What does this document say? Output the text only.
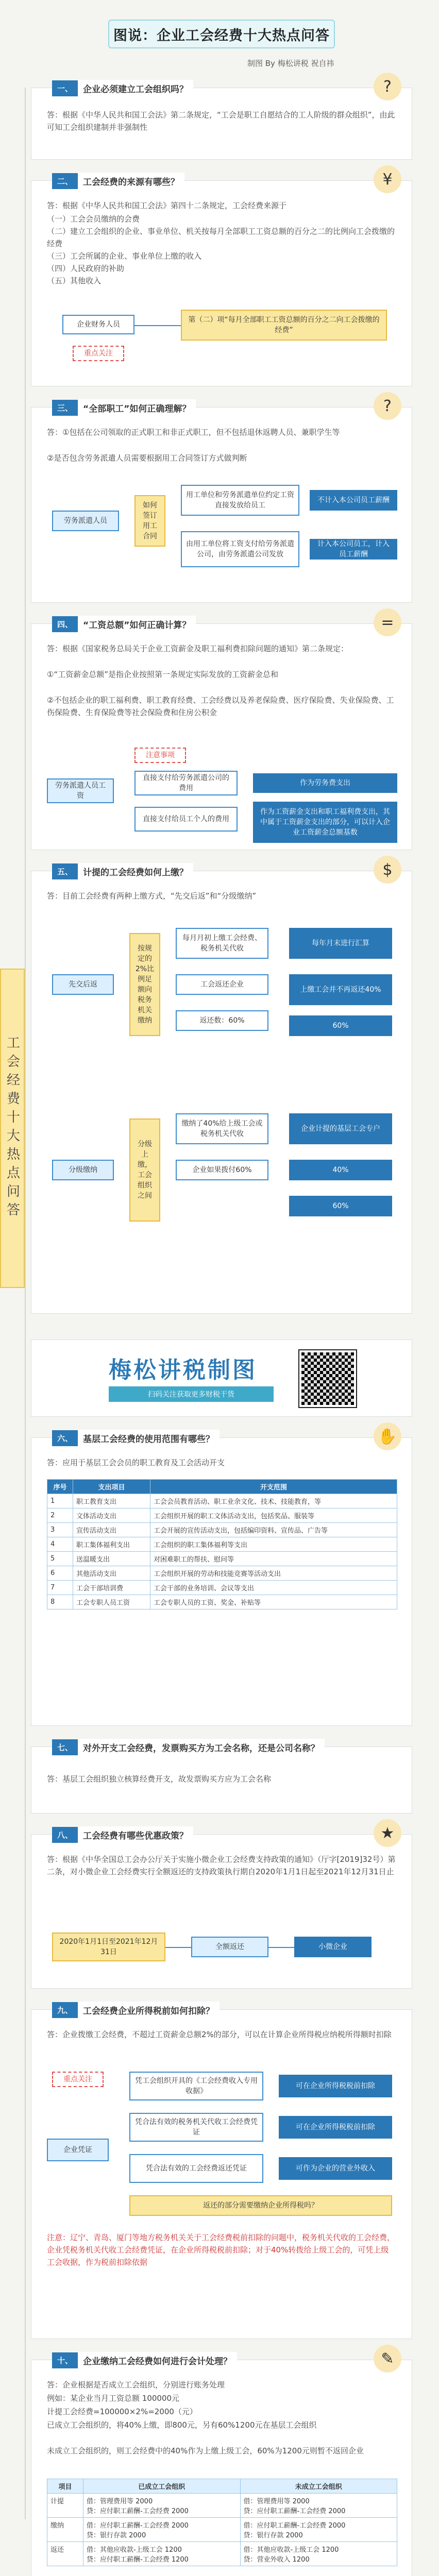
图说：企业工会经费十大热点问答
制图 By 梅松讲税 祝自祎
工会经费十大热点问答
一、	企业必须建立工会组织吗？	?
答：根据《中华人民共和国工会法》第二条规定，“工会是职工自愿结合的工人阶级的群众组织”，由此可知工会组织建制并非强制性
二、	工会经费的来源有哪些？	¥
答：根据《中华人民共和国工会法》第四十二条规定，工会经费来源于
（一）工会会员缴纳的会费
（二）建立工会组织的企业、事业单位、机关按每月全部职工工资总额的百分之二的比例向工会拨缴的经费
（三）工会所属的企业、事业单位上缴的收入
（四）人民政府的补助
（五）其他收入
企业财务人员
重点关注
第（二）项“每月全部职工工资总额的百分之二向工会拨缴的经费”
三、	“全部职工”如何正确理解？	?
答：①包括在公司领取的正式职工和非正式职工，但不包括退休返聘人员、兼职学生等
②是否包含劳务派遣人员需要根据用工合同签订方式做判断
劳务派遣人员
如何签订用工合同
用工单位和劳务派遣单位约定工资直接发放给员工
不计入本公司员工薪酬
由用工单位将工资支付给劳务派遣公司，由劳务派遣公司发放
计入本公司员工，计入员工薪酬
四、	“工资总额”如何正确计算？	=
答：根据《国家税务总局关于企业工资薪金及职工福利费扣除问题的通知》第二条规定：
①“工资薪金总额”是指企业按照第一条规定实际发放的工资薪金总和
②不包括企业的职工福利费、职工教育经费、工会经费以及养老保险费、医疗保险费、失业保险费、工伤保险费、生育保险费等社会保险费和住房公积金
劳务派遣人员工资
注意事项
直接支付给劳务派遣公司的费用
作为劳务费支出
直接支付给员工个人的费用
作为工资薪金支出和职工福利费支出，其中属于工资薪金支出的部分，可以计入企业工资薪金总额基数
五、	计提的工会经费如何上缴？	$
答：目前工会经费有两种上缴方式，“先交后返”和“分级缴纳”
先交后返
按规定的2%比例足额向税务机关缴纳
每月月初上缴工会经费、税务机关代收
工会返还企业
返还数：60%
每年月末进行汇算
上缴工会并不再返还40%
60%
分级缴纳
分级上缴，工会组织之间
缴纳了40%给上级工会或税务机关代收
企业如果拨付60%
企业计提的基层工会专户
40%
60%
梅松讲税制图
扫码关注获取更多财税干货
六、	基层工会经费的使用范围有哪些？	✋
答：应用于基层工会会员的职工教育及工会活动开支
序号	支出项目	开支范围
1	职工教育支出	工会会员教育活动、职工业余文化、技术、技能教育，等
2	文体活动支出	工会组织开展的职工文体活动支出，包括奖品、服装等
3	宣传活动支出	工会开展的宣传活动支出，包括编印资料、宣传品、广告等
4	职工集体福利支出	工会组织的职工集体福利等支出
5	送温暖支出	对困难职工的帮扶、慰问等
6	其他活动支出	工会组织开展的劳动和技能竞赛等活动支出
7	工会干部培训费	工会干部的业务培训、会议等支出
8	工会专职人员工资	工会专职人员的工资、奖金、补贴等
七、	对外开支工会经费，发票购买方为工会名称，还是公司名称？
答：基层工会组织独立核算经费开支，故发票购买方应为工会名称
八、	工会经费有哪些优惠政策？	★
答：根据《中华全国总工会办公厅关于实施小微企业工会经费支持政策的通知》（厅字[2019]32号）第二条，对小微企业工会经费实行全额返还的支持政策执行期自2020年1月1日起至2021年12月31日止
2020年1月1日至2021年12月31日
全额返还	小微企业
九、	工会经费企业所得税前如何扣除？
答：企业拨缴工会经费，不超过工资薪金总额2%的部分，可以在计算企业所得税应纳税所得额时扣除
重点关注
企业凭证
凭工会组织开具的《工会经费收入专用收据》
可在企业所得税税前扣除
凭合法有效的税务机关代收工会经费凭证
可在企业所得税税前扣除
凭合法有效的工会经费返还凭证	可作为企业的营业外收入
返还的部分需要缴纳企业所得税吗？
注意：辽宁、青岛、厦门等地方税务机关关于工会经费税前扣除的问题中，税务机关代收的工会经费，企业凭税务机关代收工会经费凭证，在企业所得税税前扣除；对于40%转拨给上级工会的，可凭上级工会收据，作为税前扣除依据
十、	企业缴纳工会经费如何进行会计处理？	✎
答：企业根据是否成立工会组织，分别进行账务处理
例如：某企业当月工资总额 100000元
计提工会经费=100000×2%=2000（元）
已成立工会组织的，将40%上缴，即800元，另有60%1200元在基层工会组织
未成立工会组织的，则工会经费中的40%作为上缴上级工会，60%为1200元则暂不返回企业
项目	已成立工会组织	未成立工会组织
计提	借：管理费用等 2000
贷：应付职工薪酬-工会经费 2000	借：管理费用等 2000
贷：应付职工薪酬-工会经费 2000
缴纳	借：应付职工薪酬-工会经费 2000
贷：银行存款 2000	借：应付职工薪酬-工会经费 2000
贷：银行存款 2000
返还	借：其他应收款-上级工会 1200
贷：应付职工薪酬-工会经费 1200	借：其他应收款-上级工会 1200
贷：营业外收入 1200
